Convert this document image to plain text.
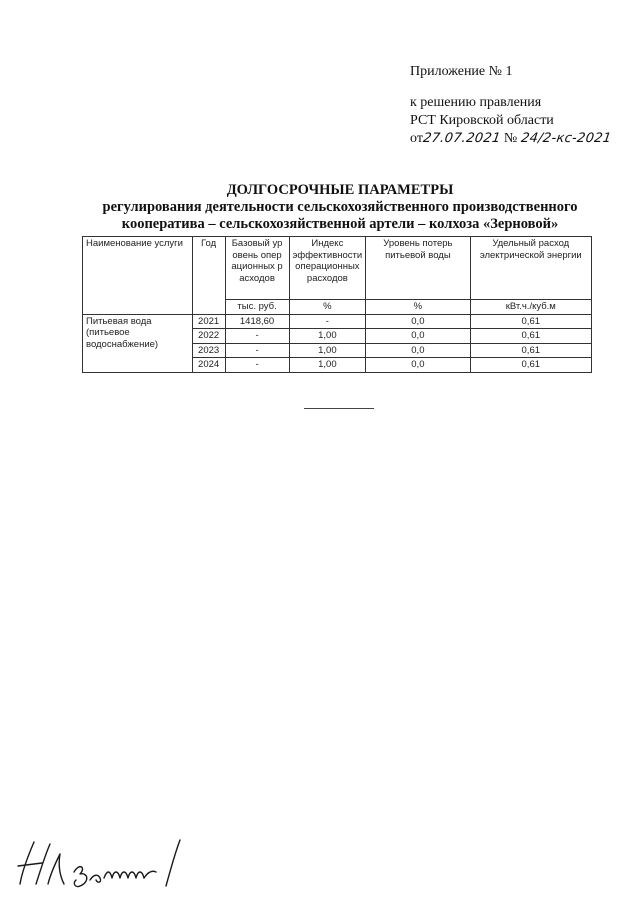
Приложение № 1
к решению правления
РСТ Кировской области
от27.07.2021 № 24/2-кс-2021
ДОЛГОСРОЧНЫЕ ПАРАМЕТРЫ
регулирования деятельности сельскохозяйственного производственного
кооператива – сельскохозяйственной артели – колхоза «Зерновой»
Наименование услуги	Год	Базовый уровень операционных расходов	Индекс эффективности операционных расходов	Уровень потерь питьевой воды	Удельный расход электрической энергии
		тыс. руб.	%	%	кВт.ч./куб.м
Питьевая вода (питьевое водоснабжение)	2021	1418,60	-	0,0	0,61
	2022	-	1,00	0,0	0,61
	2023	-	1,00	0,0	0,61
	2024	-	1,00	0,0	0,61
